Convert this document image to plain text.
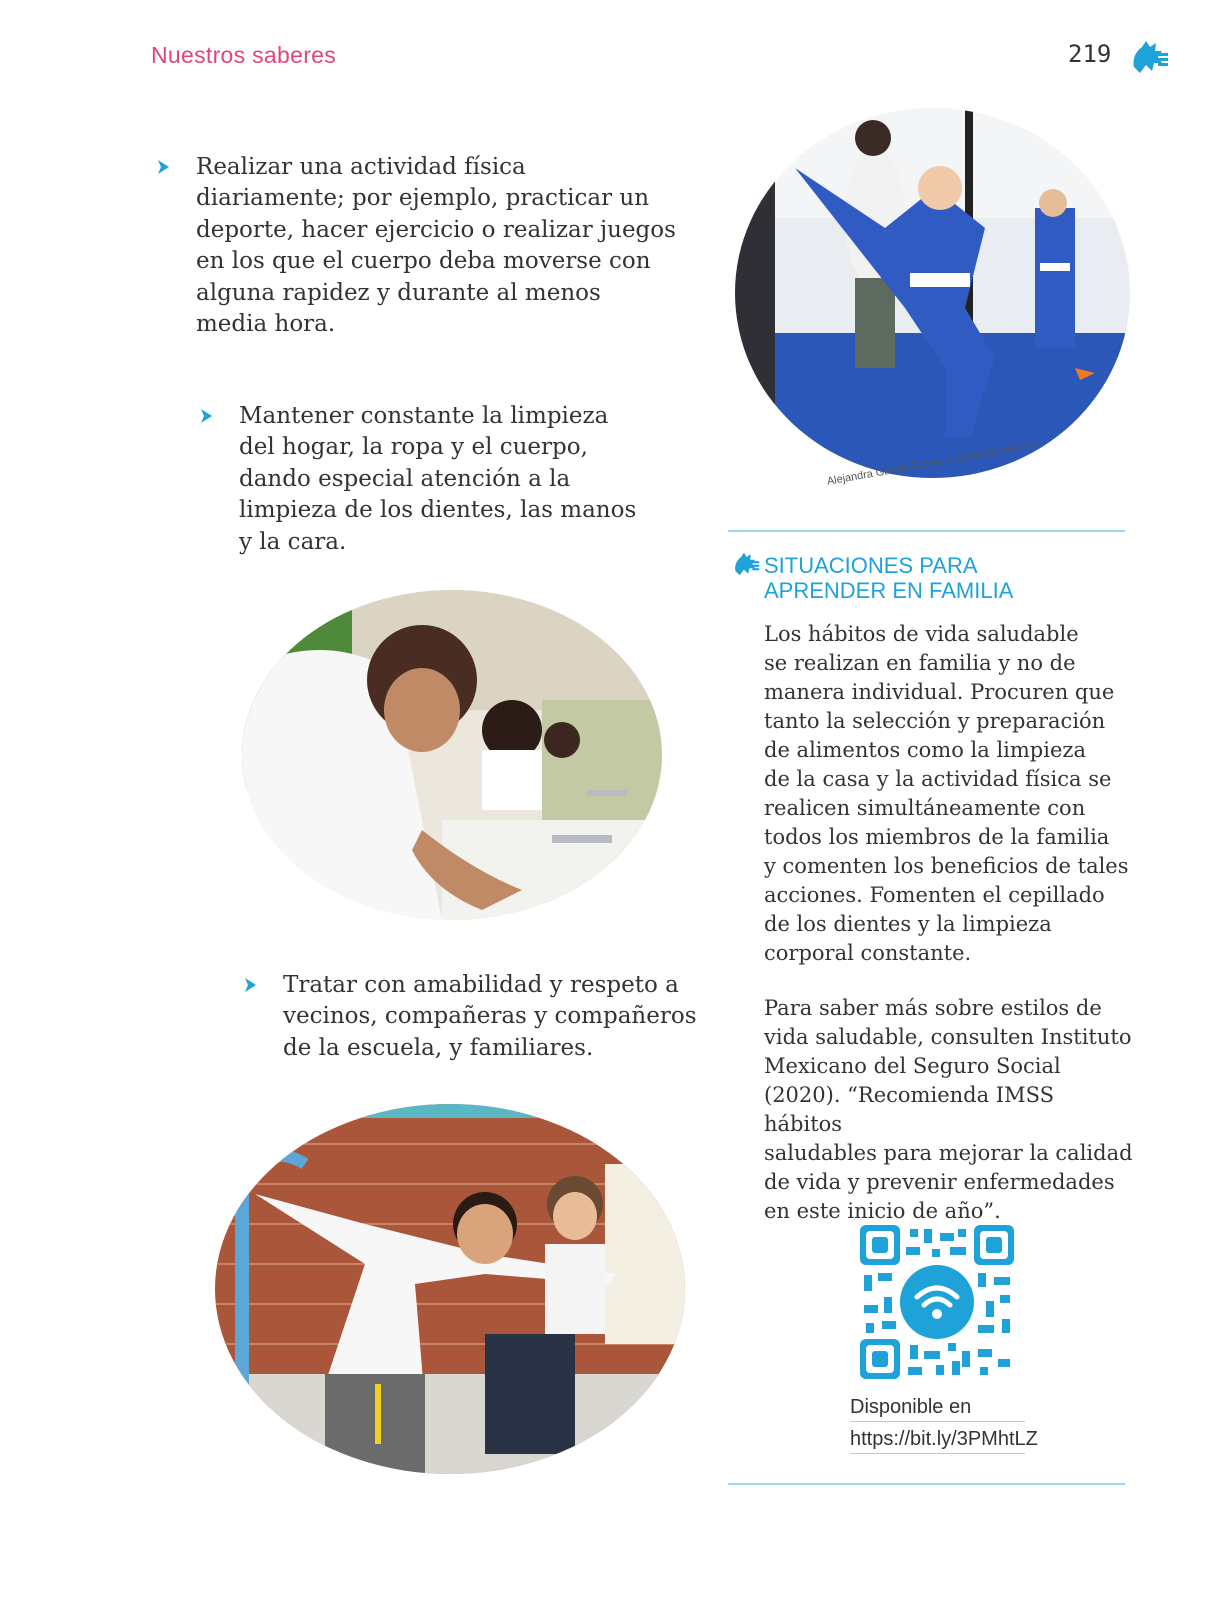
Nuestros saberes	219
Realizar una actividad física
diariamente; por ejemplo, practicar un
deporte, hacer ejercicio o realizar juegos
en los que el cuerpo deba moverse con
alguna rapidez y durante al menos
media hora.
Mantener constante la limpieza
del hogar, la ropa y el cuerpo,
dando especial atención a la
limpieza de los dientes, las manos
y la cara.
Tratar con amabilidad y respeto a
vecinos, compañeras y compañeros
de la escuela, y familiares.
Alejandra García Torres, CIUDAD DE MÉXICO
SITUACIONES PARA
APRENDER EN FAMILIA
Los hábitos de vida saludable
se realizan en familia y no de
manera individual. Procuren que
tanto la selección y preparación
de alimentos como la limpieza
de la casa y la actividad física se
realicen simultáneamente con
todos los miembros de la familia
y comenten los beneficios de tales
acciones. Fomenten el cepillado
de los dientes y la limpieza
corporal constante.
Para saber más sobre estilos de
vida saludable, consulten Instituto
Mexicano del Seguro Social
(2020). “Recomienda IMSS hábitos
saludables para mejorar la calidad
de vida y prevenir enfermedades
en este inicio de año”.
Disponible en
https://bit.ly/3PMhtLZ
